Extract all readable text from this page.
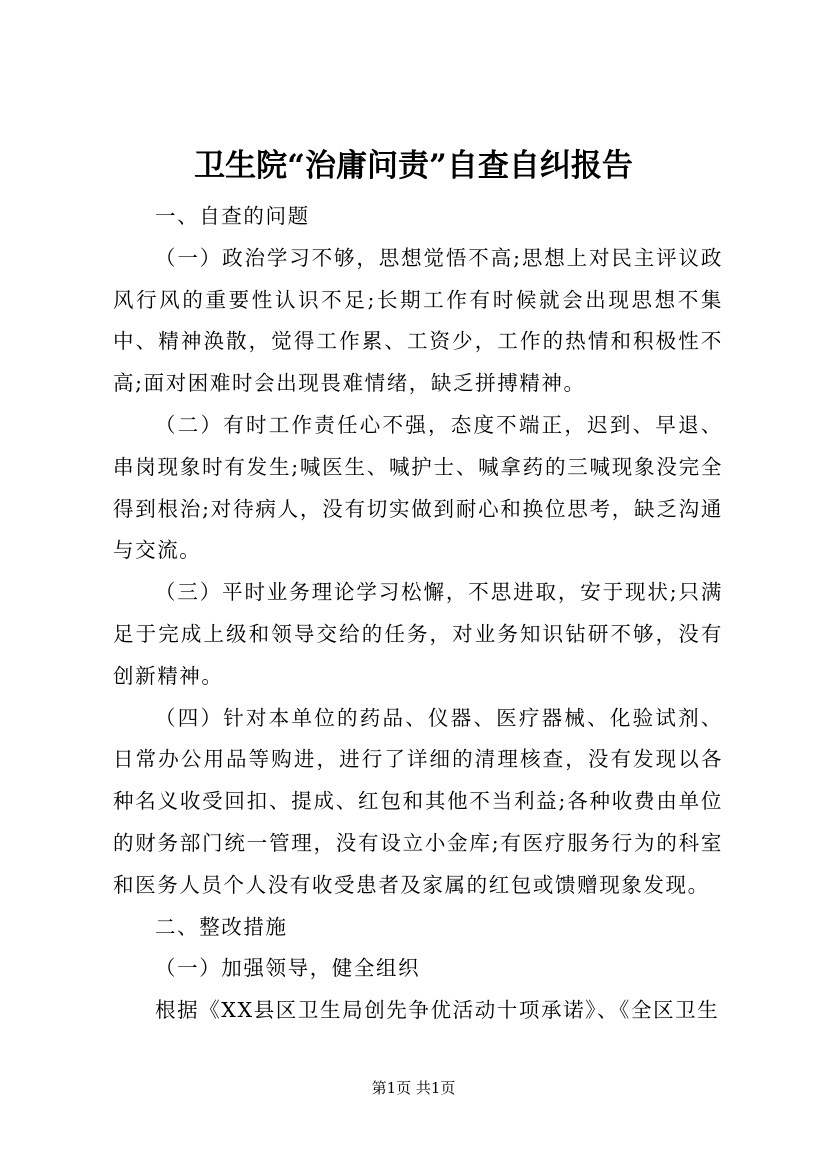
卫生院“治庸问责”自查自纠报告

一、自查的问题

（一）政治学习不够，思想觉悟不高;思想上对民主评议政风行风的重要性认识不足;长期工作有时候就会出现思想不集中、精神涣散，觉得工作累、工资少，工作的热情和积极性不高;面对困难时会出现畏难情绪，缺乏拼搏精神。

（二）有时工作责任心不强，态度不端正，迟到、早退、串岗现象时有发生;喊医生、喊护士、喊拿药的三喊现象没完全得到根治;对待病人，没有切实做到耐心和换位思考，缺乏沟通与交流。

（三）平时业务理论学习松懈，不思进取，安于现状;只满足于完成上级和领导交给的任务，对业务知识钻研不够，没有创新精神。

（四）针对本单位的药品、仪器、医疗器械、化验试剂、日常办公用品等购进，进行了详细的清理核查，没有发现以各种名义收受回扣、提成、红包和其他不当利益;各种收费由单位的财务部门统一管理，没有设立小金库;有医疗服务行为的科室和医务人员个人没有收受患者及家属的红包或馈赠现象发现。

二、整改措施

（一）加强领导，健全组织

根据《XX县区卫生局创先争优活动十项承诺》、《全区卫生

第1页 共1页
